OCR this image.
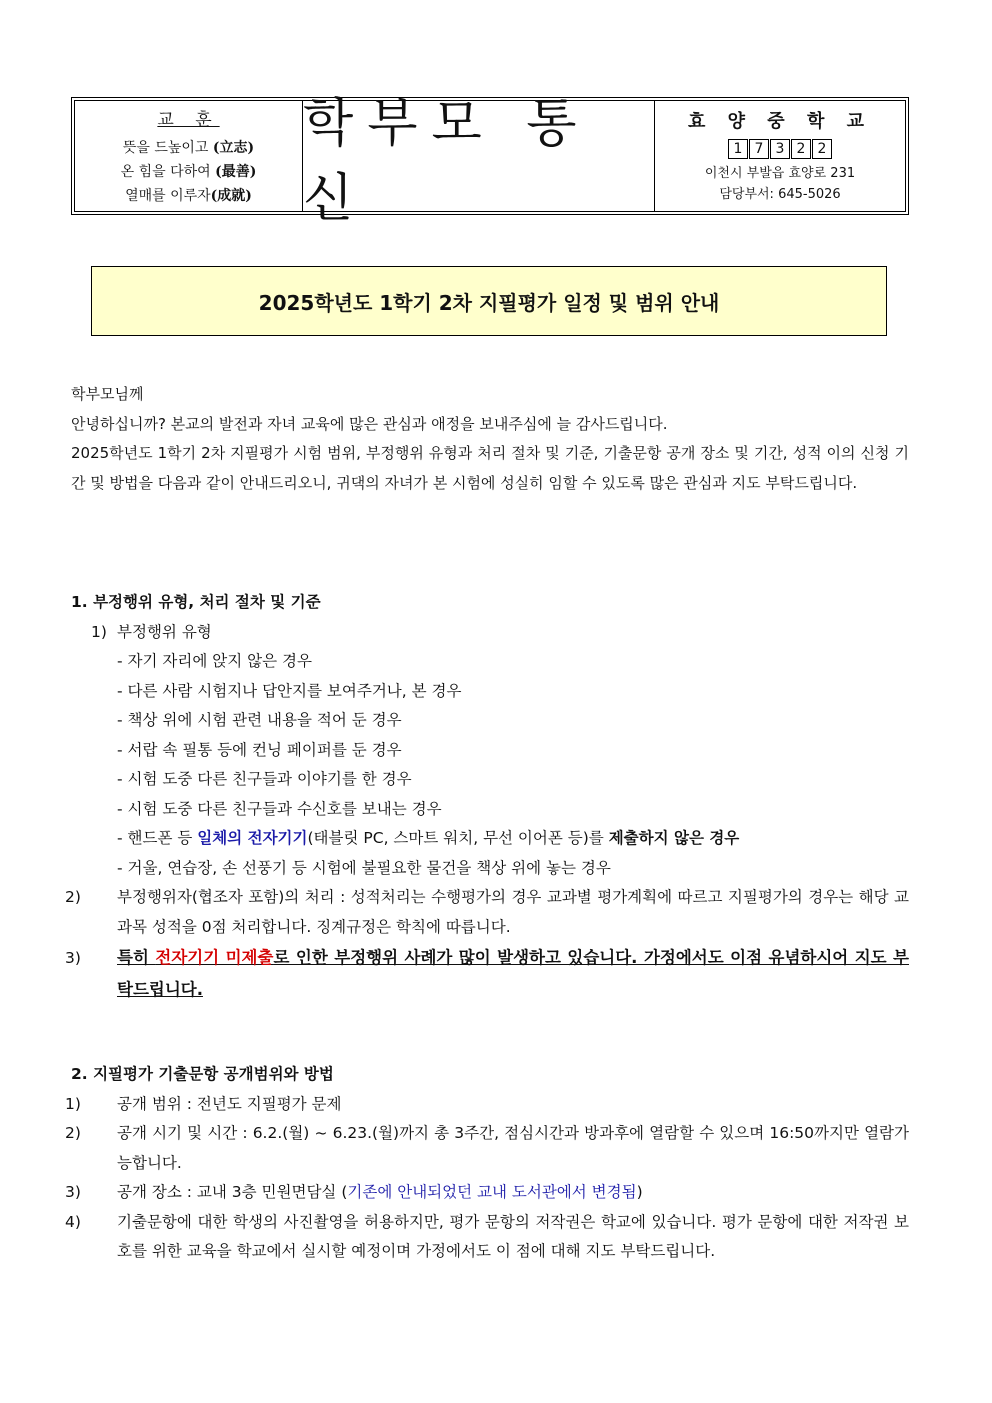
교 훈
뜻을 드높이고 (立志)
온 힘을 다하여 (最善)
열매를 이루자(成就)
학부모 통신
효 양 중 학 교
1 7 3 2 2
이천시 부발읍 효양로 231
담당부서: 645-5026
2025학년도 1학기 2차 지필평가 일정 및 범위 안내

학부모님께

안녕하십니까? 본교의 발전과 자녀 교육에 많은 관심과 애정을 보내주심에 늘 감사드립니다.

2025학년도 1학기 2차 지필평가 시험 범위, 부정행위 유형과 처리 절차 및 기준, 기출문항 공개 장소 및 기간, 성적 이의 신청 기간 및 방법을 다음과 같이 안내드리오니, 귀댁의 자녀가 본 시험에 성실히 임할 수 있도록 많은 관심과 지도 부탁드립니다.

1. 부정행위 유형, 처리 절차 및 기준

1) 부정행위 유형

- 자기 자리에 앉지 않은 경우

- 다른 사람 시험지나 답안지를 보여주거나, 본 경우

- 책상 위에 시험 관련 내용을 적어 둔 경우

- 서랍 속 필통 등에 컨닝 페이퍼를 둔 경우

- 시험 도중 다른 친구들과 이야기를 한 경우

- 시험 도중 다른 친구들과 수신호를 보내는 경우

- 핸드폰 등 일체의 전자기기(태블릿 PC, 스마트 워치, 무선 이어폰 등)를 제출하지 않은 경우

- 거울, 연습장, 손 선풍기 등 시험에 불필요한 물건을 책상 위에 놓는 경우

2) 부정행위자(협조자 포함)의 처리 : 성적처리는 수행평가의 경우 교과별 평가계획에 따르고 지필평가의 경우는 해당 교과목 성적을 0점 처리합니다. 징계규정은 학칙에 따릅니다.

3) 특히 전자기기 미제출로 인한 부정행위 사례가 많이 발생하고 있습니다. 가정에서도 이점 유념하시어 지도 부탁드립니다.

2. 지필평가 기출문항 공개범위와 방법

1) 공개 범위 : 전년도 지필평가 문제

2) 공개 시기 및 시간 : 6.2.(월) ~ 6.23.(월)까지 총 3주간, 점심시간과 방과후에 열람할 수 있으며 16:50까지만 열람가능합니다.

3) 공개 장소 : 교내 3층 민원면담실 (기존에 안내되었던 교내 도서관에서 변경됨)

4) 기출문항에 대한 학생의 사진촬영을 허용하지만, 평가 문항의 저작권은 학교에 있습니다. 평가 문항에 대한 저작권 보호를 위한 교육을 학교에서 실시할 예정이며 가정에서도 이 점에 대해 지도 부탁드립니다.
